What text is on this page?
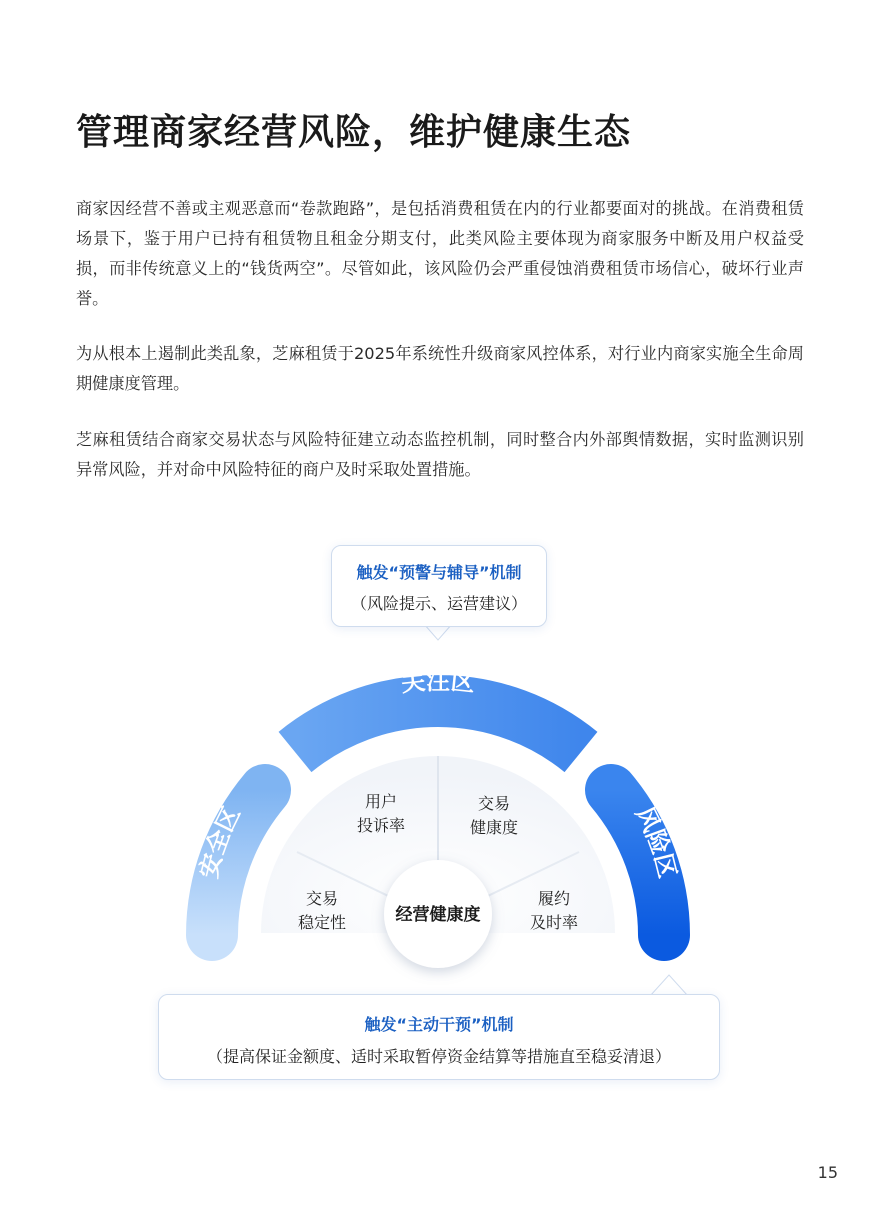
管理商家经营风险，维护健康生态
商家因经营不善或主观恶意而“卷款跑路”，是包括消费租赁在内的行业都要面对的挑战。在消费租赁场景下，鉴于用户已持有租赁物且租金分期支付，此类风险主要体现为商家服务中断及用户权益受损，而非传统意义上的“钱货两空”。尽管如此，该风险仍会严重侵蚀消费租赁市场信心，破坏行业声誉。
为从根本上遏制此类乱象，芝麻租赁于2025年系统性升级商家风控体系，对行业内商家实施全生命周期健康度管理。
芝麻租赁结合商家交易状态与风险特征建立动态监控机制，同时整合内外部舆情数据，实时监测识别异常风险，并对命中风险特征的商户及时采取处置措施。
安全区
关注区
风险区
交易
稳定性
用户
投诉率
交易
健康度
履约
及时率
经营健康度
触发“预警与辅导”机制
（风险提示、运营建议）
触发“主动干预”机制
（提高保证金额度、适时采取暂停资金结算等措施直至稳妥清退）
15
